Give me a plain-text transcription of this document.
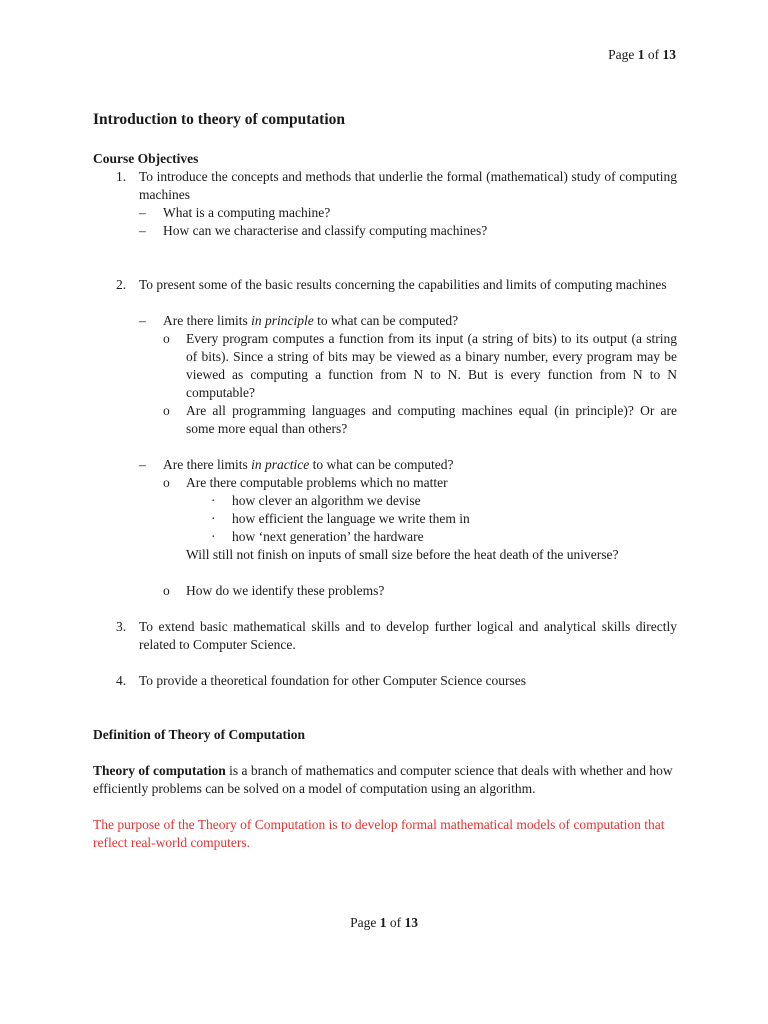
Page 1 of 13
Introduction to theory of computation
Course Objectives
1. To introduce the concepts and methods that underlie the formal (mathematical) study of computing machines
– What is a computing machine?
– How can we characterise and classify computing machines?
2. To present some of the basic results concerning the capabilities and limits of computing machines
– Are there limits in principle to what can be computed?
o Every program computes a function from its input (a string of bits) to its output (a string of bits). Since a string of bits may be viewed as a binary number, every program may be viewed as computing a function from N to N. But is every function from N to N computable?
o Are all programming languages and computing machines equal (in principle)? Or are some more equal than others?
– Are there limits in practice to what can be computed?
o Are there computable problems which no matter
· how clever an algorithm we devise
· how efficient the language we write them in
· how ‘next generation’ the hardware
Will still not finish on inputs of small size before the heat death of the universe?
o How do we identify these problems?
3. To extend basic mathematical skills and to develop further logical and analytical skills directly related to Computer Science.
4. To provide a theoretical foundation for other Computer Science courses
Definition of Theory of Computation

Theory of computation is a branch of mathematics and computer science that deals with whether and how efficiently problems can be solved on a model of computation using an algorithm.

The purpose of the Theory of Computation is to develop formal mathematical models of computation that reflect real-world computers.

Page 1 of 13
